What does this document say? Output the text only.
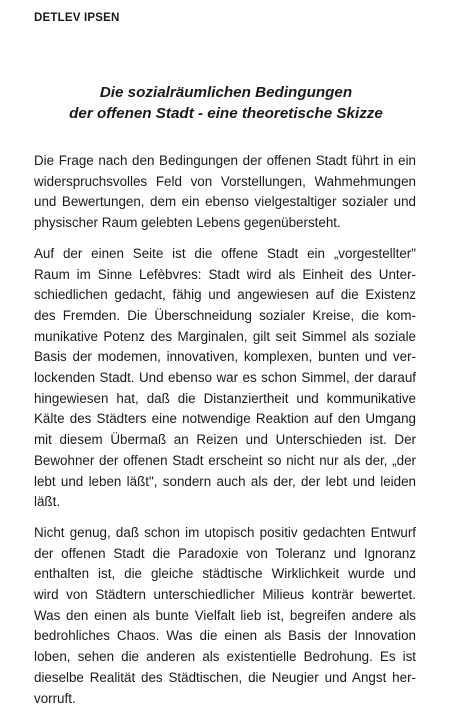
DETLEV IPSEN
Die sozialräumlichen Bedingungen
der offenen Stadt - eine theoretische Skizze

Die Frage nach den Bedingungen der offenen Stadt führt in ein
widerspruchsvolles Feld von Vorstellungen, Wahmehmungen
und Bewertungen, dem ein ebenso vielgestaltiger sozialer und
physischer Raum gelebten Lebens gegenübersteht.

Auf der einen Seite ist die offene Stadt ein „vorgestellter"
Raum im Sinne Lefèbvres: Stadt wird als Einheit des Unter-
schiedlichen gedacht, fähig und angewiesen auf die Existenz
des Fremden. Die Überschneidung sozialer Kreise, die kom-
munikative Potenz des Marginalen, gilt seit Simmel als soziale
Basis der modemen, innovativen, komplexen, bunten und ver-
lockenden Stadt. Und ebenso war es schon Simmel, der darauf
hingewiesen hat, daß die Distanziertheit und kommunikative
Kälte des Städters eine notwendige Reaktion auf den Umgang
mit diesem Übermaß an Reizen und Unterschieden ist. Der
Bewohner der offenen Stadt erscheint so nicht nur als der, „der
lebt und leben läßt", sondern auch als der, der lebt und leiden
läßt.

Nicht genug, daß schon im utopisch positiv gedachten Entwurf
der offenen Stadt die Paradoxie von Toleranz und Ignoranz
enthalten ist, die gleiche städtische Wirklichkeit wurde und
wird von Städtern unterschiedlicher Milieus konträr bewertet.
Was den einen als bunte Vielfalt lieb ist, begreifen andere als
bedrohliches Chaos. Was die einen als Basis der Innovation
loben, sehen die anderen als existentielle Bedrohung. Es ist
dieselbe Realität des Städtischen, die Neugier und Angst her-
vorruft.
